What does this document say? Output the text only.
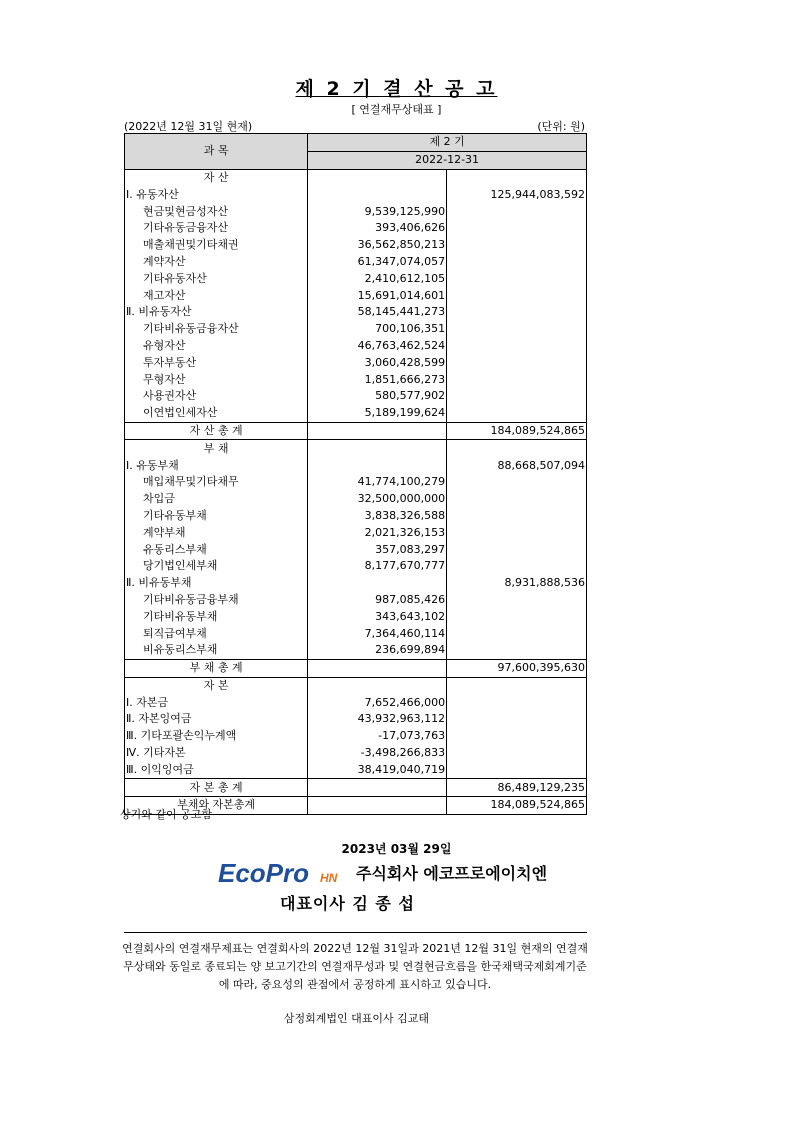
제 2 기 결 산 공 고
[ 연결재무상태표 ]
(2022년 12월 31일 현재)	(단위: 원)
과 목	제 2 기	
	2022-12-31	
자 산		
Ⅰ. 유동자산		125,944,083,592
현금및현금성자산	9,539,125,990	
기타유동금융자산	393,406,626	
매출채권및기타채권	36,562,850,213	
계약자산	61,347,074,057	
기타유동자산	2,410,612,105	
재고자산	15,691,014,601	
Ⅱ. 비유동자산	58,145,441,273	
기타비유동금융자산	700,106,351	
유형자산	46,763,462,524	
투자부동산	3,060,428,599	
무형자산	1,851,666,273	
사용권자산	580,577,902	
이연법인세자산	5,189,199,624	
자 산 총 계		184,089,524,865
부 채		
Ⅰ. 유동부채		88,668,507,094
매입채무및기타채무	41,774,100,279	
차입금	32,500,000,000	
기타유동부채	3,838,326,588	
계약부채	2,021,326,153	
유동리스부채	357,083,297	
당기법인세부채	8,177,670,777	
Ⅱ. 비유동부채		8,931,888,536
기타비유동금융부채	987,085,426	
기타비유동부채	343,643,102	
퇴직급여부채	7,364,460,114	
비유동리스부채	236,699,894	
부 채 총 계		97,600,395,630
자 본		
Ⅰ. 자본금	7,652,466,000	
Ⅱ. 자본잉여금	43,932,963,112	
Ⅲ. 기타포괄손익누계액	-17,073,763	
Ⅳ. 기타자본	-3,498,266,833	
Ⅲ. 이익잉여금	38,419,040,719	
자 본 총 계		86,489,129,235
부채와 자본총계		184,089,524,865
상기와 같이 공고함
2023년 03월 29일
EcoPro HN 주식회사 에코프로에이치엔
대표이사 김 종 섭
연결회사의 연결재무제표는 연결회사의 2022년 12월 31일과 2021년 12월 31일 현재의 연결재무상태와 동일로 종료되는 양 보고기간의 연결재무성과 및 연결현금흐름을 한국채택국제회계기준에 따라, 중요성의 관점에서 공정하게 표시하고 있습니다.
삼정회계법인 대표이사 김교태
